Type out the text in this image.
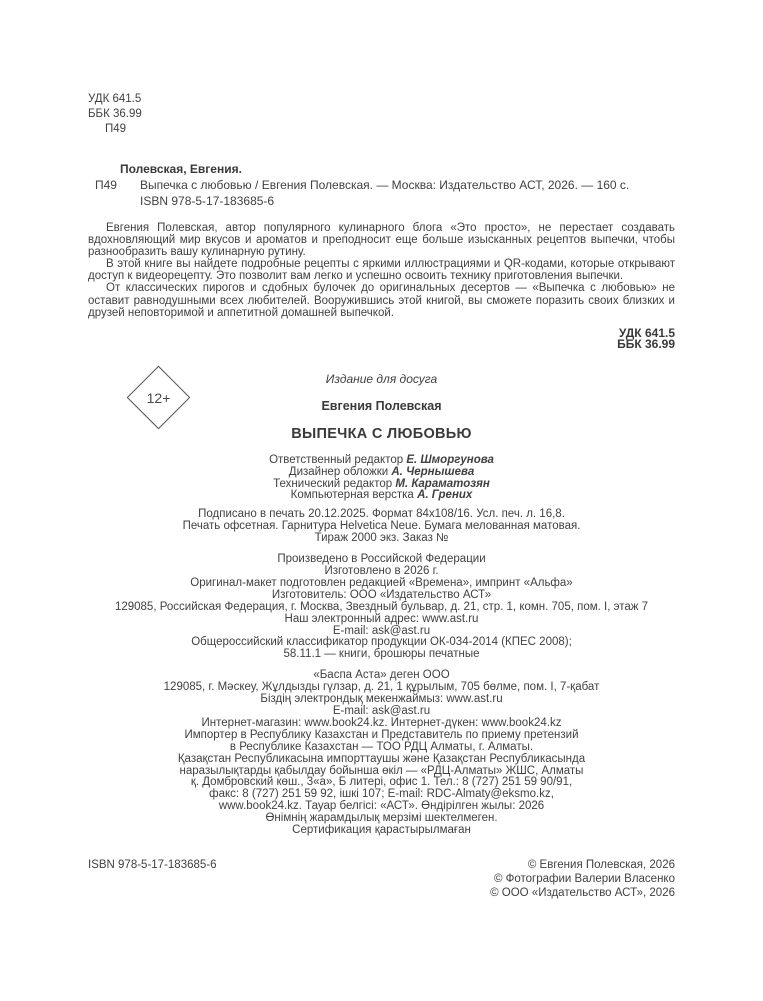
УДК 641.5
ББК 36.99
П49
Полевская, Евгения.
П49 Выпечка с любовью / Евгения Полевская. — Москва: Издательство АСТ, 2026. — 160 с.
ISBN 978-5-17-183685-6

Евгения Полевская, автор популярного кулинарного блога «Это просто», не перестает создавать вдохновляющий мир вкусов и ароматов и преподносит еще больше изысканных рецептов выпечки, чтобы разнообразить вашу кулинарную рутину.

В этой книге вы найдете подробные рецепты с яркими иллюстрациями и QR-кодами, которые открывают доступ к видеорецепту. Это позволит вам легко и успешно освоить технику приготовления выпечки.

От классических пирогов и сдобных булочек до оригинальных десертов — «Выпечка с любовью» не оставит равнодушными всех любителей. Вооружившись этой книгой, вы сможете поразить своих близких и друзей неповторимой и аппетитной домашней выпечкой.

УДК 641.5
ББК 36.99
Издание для досуга
Евгения Полевская
ВЫПЕЧКА С ЛЮБОВЬЮ
Ответственный редактор Е. Шморгунова
Дизайнер обложки А. Чернышева
Технический редактор М. Караматозян
Компьютерная верстка А. Грених
Подписано в печать 20.12.2025. Формат 84х108/16. Усл. печ. л. 16,8.
Печать офсетная. Гарнитура Helvetica Neue. Бумага мелованная матовая.
Тираж 2000 экз. Заказ №
Произведено в Российской Федерации
Изготовлено в 2026 г.
Оригинал-макет подготовлен редакцией «Времена», импринт «Альфа»
Изготовитель: ООО «Издательство АСТ»
129085, Российская Федерация, г. Москва, Звездный бульвар, д. 21, стр. 1, комн. 705, пом. I, этаж 7
Наш электронный адрес: www.ast.ru
E-mail: ask@ast.ru
Общероссийский классификатор продукции ОК-034-2014 (КПЕС 2008);
58.11.1 — книги, брошюры печатные
«Баспа Аста» деген ООО
129085, г. Мәскеу, Жұлдызды гүлзар, д. 21, 1 құрылым, 705 бөлме, пом. I, 7-қабат
Біздің электрондық мекенжаймыз: www.ast.ru
E-mail: ask@ast.ru
Интернет-магазин: www.book24.kz. Интернет-дүкен: www.book24.kz
Импортер в Республику Казахстан и Представитель по приему претензий
в Республике Казахстан — ТОО РДЦ Алматы, г. Алматы.
Қазақстан Республикасына импорттаушы және Қазақстан Республикасында
наразылықтарды қабылдау бойынша өкіл — «РДЦ-Алматы» ЖШС, Алматы
қ. Домбровский көш., 3«а», Б литері, офис 1. Тел.: 8 (727) 251 59 90/91,
факс: 8 (727) 251 59 92, ішкі 107; E-mail: RDC-Almaty@eksmo.kz,
www.book24.kz. Тауар белгісі: «АСТ». Өндірілген жылы: 2026
Өнімнің жарамдылық мерзімі шектелмеген.
Сертификация қарастырылмаған
12+
ISBN 978-5-17-183685-6	© Евгения Полевская, 2026
© Фотографии Валерии Власенко
© ООО «Издательство АСТ», 2026
